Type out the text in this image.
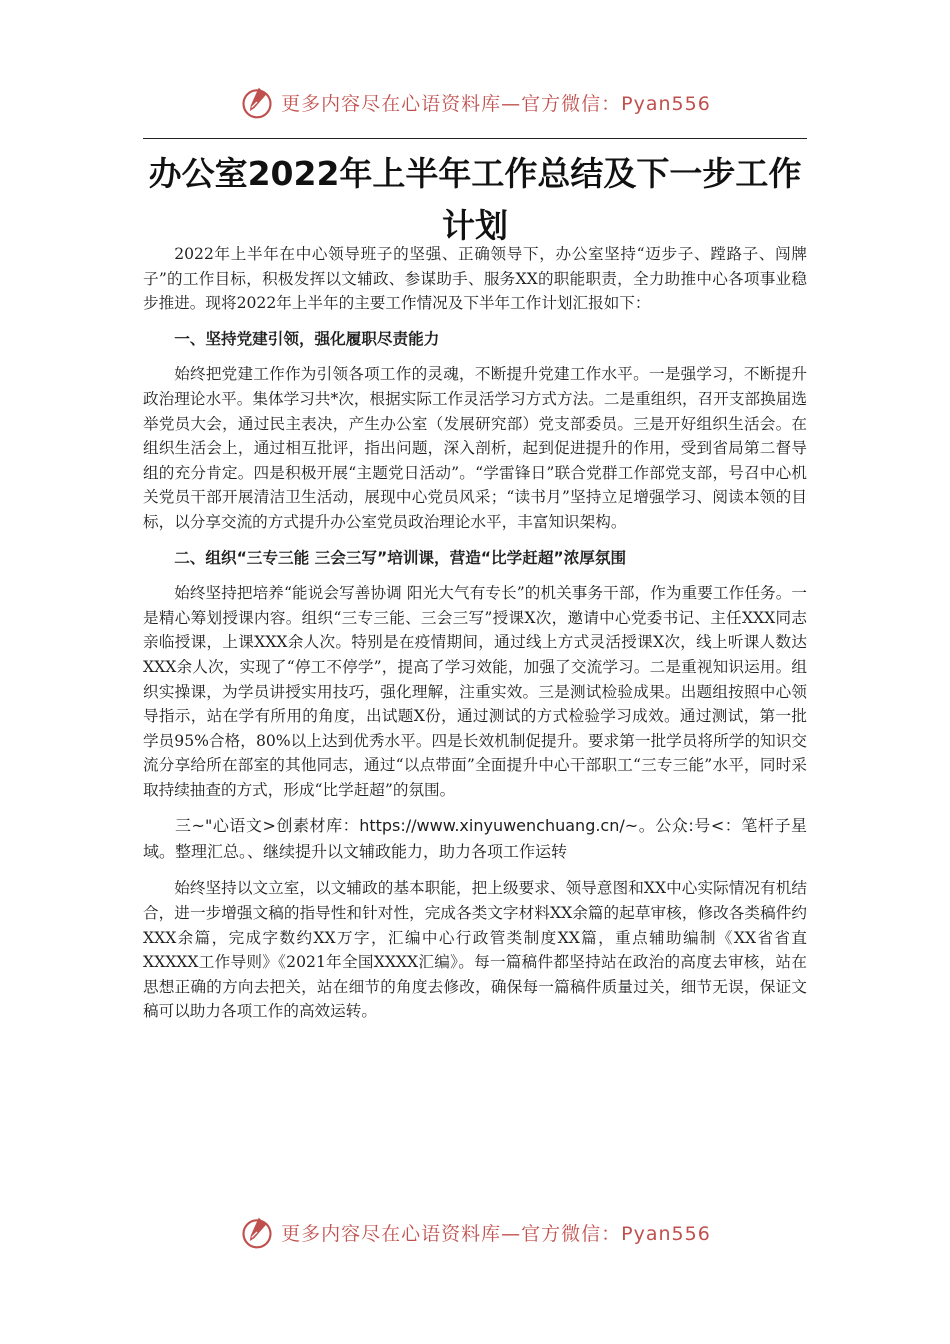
更多内容尽在心语资料库—官方微信：Pyan556
办公室2022年上半年工作总结及下一步工作计划

2022年上半年在中心领导班子的坚强、正确领导下，办公室坚持“迈步子、蹚路子、闯牌子”的工作目标，积极发挥以文辅政、参谋助手、服务XX的职能职责，全力助推中心各项事业稳步推进。现将2022年上半年的主要工作情况及下半年工作计划汇报如下：

一、坚持党建引领，强化履职尽责能力

始终把党建工作作为引领各项工作的灵魂，不断提升党建工作水平。一是强学习，不断提升政治理论水平。集体学习共*次，根据实际工作灵活学习方式方法。二是重组织，召开支部换届选举党员大会，通过民主表决，产生办公室（发展研究部）党支部委员。三是开好组织生活会。在组织生活会上，通过相互批评，指出问题，深入剖析，起到促进提升的作用，受到省局第二督导组的充分肯定。四是积极开展“主题党日活动”。“学雷锋日”联合党群工作部党支部，号召中心机关党员干部开展清洁卫生活动，展现中心党员风采；“读书月”坚持立足增强学习、阅读本领的目标，以分享交流的方式提升办公室党员政治理论水平，丰富知识架构。

二、组织“三专三能 三会三写”培训课，营造“比学赶超”浓厚氛围

始终坚持把培养“能说会写善协调 阳光大气有专长”的机关事务干部，作为重要工作任务。一是精心筹划授课内容。组织“三专三能、三会三写”授课X次，邀请中心党委书记、主任XXX同志亲临授课，上课XXX余人次。特别是在疫情期间，通过线上方式灵活授课X次，线上听课人数达XXX余人次，实现了“停工不停学”，提高了学习效能，加强了交流学习。二是重视知识运用。组织实操课，为学员讲授实用技巧，强化理解，注重实效。三是测试检验成果。出题组按照中心领导指示，站在学有所用的角度，出试题X份，通过测试的方式检验学习成效。通过测试，第一批学员95%合格，80%以上达到优秀水平。四是长效机制促提升。要求第一批学员将所学的知识交流分享给所在部室的其他同志，通过“以点带面”全面提升中心干部职工“三专三能”水平，同时采取持续抽查的方式，形成“比学赶超”的氛围。

三~"心语文>创素材库：https://www.xinyuwenchuang.cn/~。公众:号<：笔杆子星域。整理汇总。、继续提升以文辅政能力，助力各项工作运转

始终坚持以文立室，以文辅政的基本职能，把上级要求、领导意图和XX中心实际情况有机结合，进一步增强文稿的指导性和针对性，完成各类文字材料XX余篇的起草审核，修改各类稿件约XXX余篇，完成字数约XX万字，汇编中心行政管类制度XX篇，重点辅助编制《XX省省直XXXXX工作导则》《2021年全国XXXX汇编》。每一篇稿件都坚持站在政治的高度去审核，站在思想正确的方向去把关，站在细节的角度去修改，确保每一篇稿件质量过关，细节无误，保证文稿可以助力各项工作的高效运转。

更多内容尽在心语资料库—官方微信：Pyan556
